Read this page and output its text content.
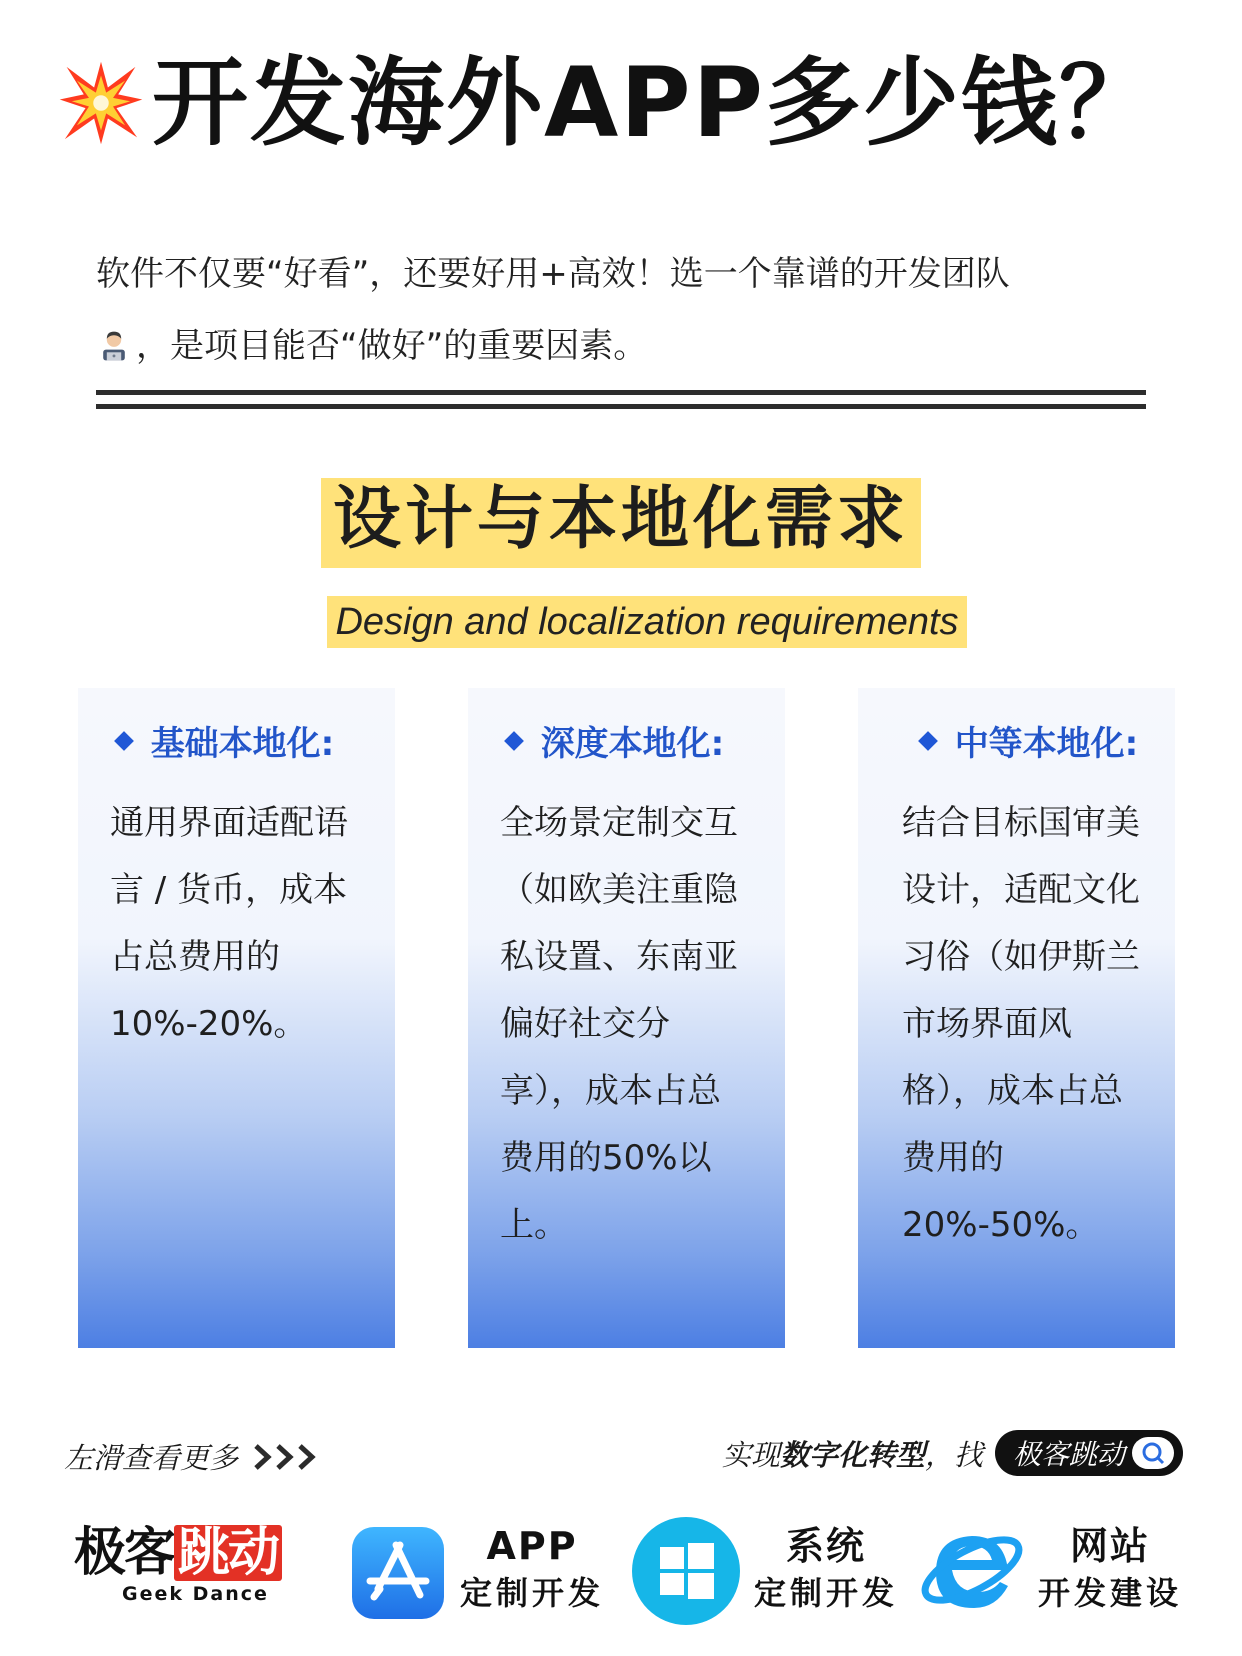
开发海外APP多少钱？
软件不仅要“好看”，还要好用+高效！选一个靠谱的开发团队
，是项目能否“做好”的重要因素。
设计与本地化需求
Design and localization requirements
基础本地化:
通用界面适配语
言 / 货币，成本
占总费用的
10%-20%。
深度本地化:
全场景定制交互
（如欧美注重隐
私设置、东南亚
偏好社交分
享），成本占总
费用的50%以
上。
中等本地化:
结合目标国审美
设计，适配文化
习俗（如伊斯兰
市场界面风
格），成本占总
费用的
20%-50%。
左滑查看更多	实现 数字化转型 ，找 极客跳动
极客 跳动
Geek Dance
APP
定制开发
系统
定制开发
网站
开发建设
